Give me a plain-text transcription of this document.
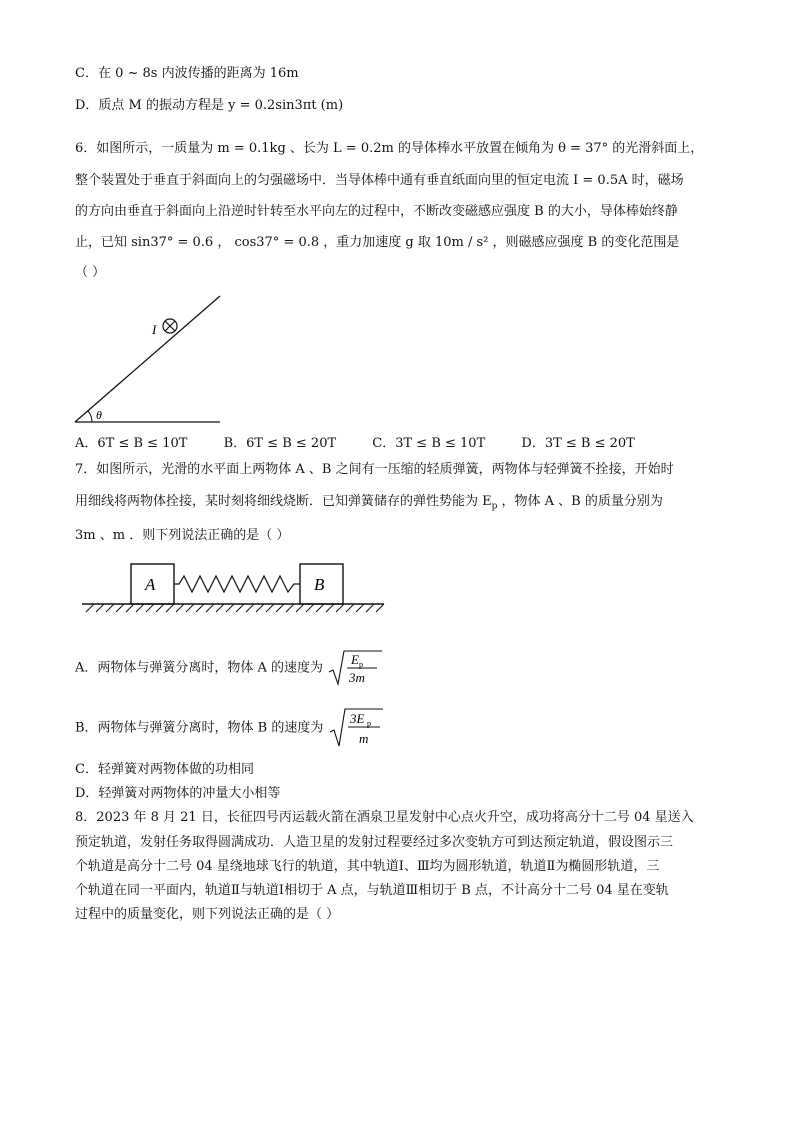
C．在 0 ~ 8s 内波传播的距离为 16m
D．质点 M 的振动方程是 y = 0.2sin3πt (m)
6．如图所示，一质量为 m = 0.1kg 、长为 L = 0.2m 的导体棒水平放置在倾角为 θ = 37° 的光滑斜面上，
整个装置处于垂直于斜面向上的匀强磁场中．当导体棒中通有垂直纸面向里的恒定电流 I = 0.5A 时，磁场
的方向由垂直于斜面向上沿逆时针转至水平向左的过程中，不断改变磁感应强度 B 的大小，导体棒始终静
止，已知 sin37° = 0.6 ， cos37° = 0.8 ，重力加速度 g 取 10m / s² ，则磁感应强度 B 的变化范围是
（ ）
θ
I
A．6T ≤ B ≤ 10T	B．6T ≤ B ≤ 20T	C．3T ≤ B ≤ 10T	D．3T ≤ B ≤ 20T
7．如图所示，光滑的水平面上两物体 A 、B 之间有一压缩的轻质弹簧，两物体与轻弹簧不拴接，开始时
用细线将两物体拴接，某时刻将细线烧断．已知弹簧储存的弹性势能为 $E_p$ ，物体 A 、B 的质量分别为
3m 、m ．则下列说法正确的是（ ）
A	B
A．两物体与弹簧分离时，物体 A 的速度为
E p
3m
B．两物体与弹簧分离时，物体 B 的速度为
3E p
m
C．轻弹簧对两物体做的功相同
D．轻弹簧对两物体的冲量大小相等
8．2023 年 8 月 21 日，长征四号丙运载火箭在酒泉卫星发射中心点火升空，成功将高分十二号 04 星送入
预定轨道，发射任务取得圆满成功．人造卫星的发射过程要经过多次变轨方可到达预定轨道，假设图示三
个轨道是高分十二号 04 星绕地球飞行的轨道，其中轨道Ⅰ、Ⅲ均为圆形轨道，轨道Ⅱ为椭圆形轨道，三
个轨道在同一平面内，轨道Ⅱ与轨道Ⅰ相切于 A 点，与轨道Ⅲ相切于 B 点，不计高分十二号 04 星在变轨
过程中的质量变化，则下列说法正确的是（ ）
